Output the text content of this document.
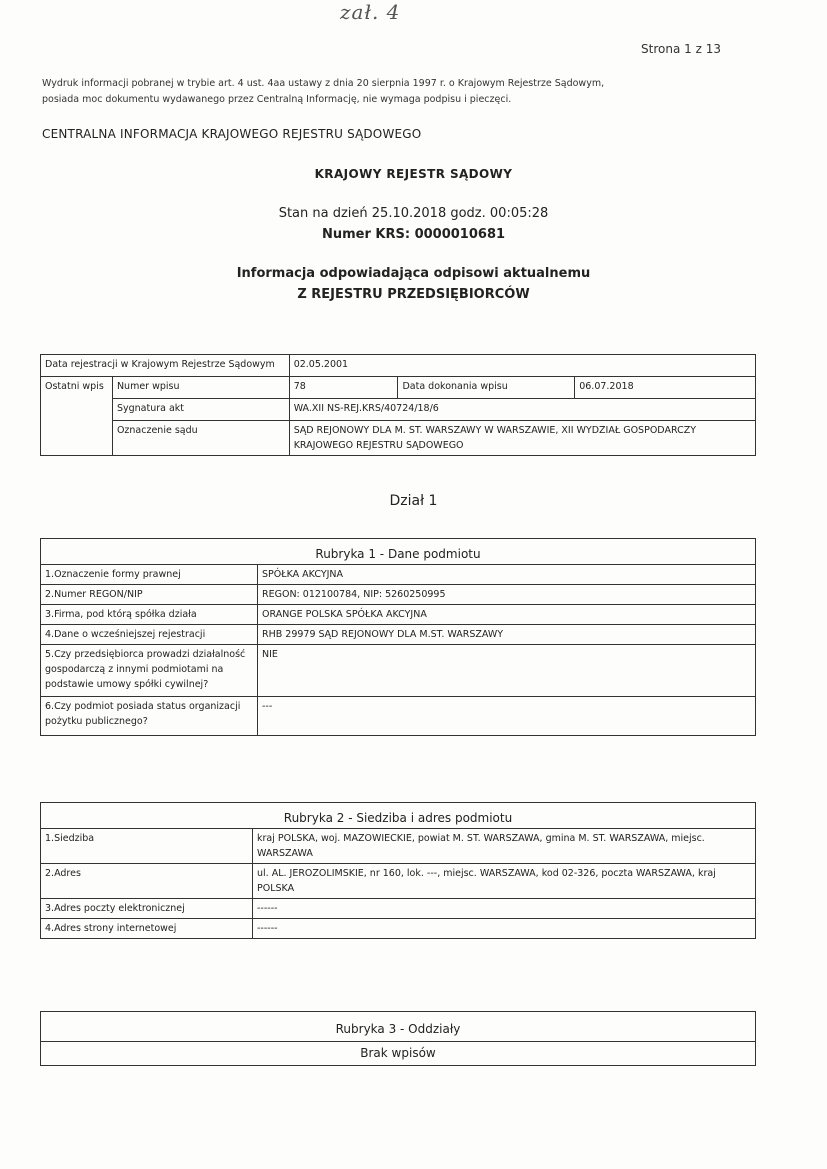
zał. 4
Strona 1 z 13
Wydruk informacji pobranej w trybie art. 4 ust. 4aa ustawy z dnia 20 sierpnia 1997 r. o Krajowym Rejestrze Sądowym,
posiada moc dokumentu wydawanego przez Centralną Informację, nie wymaga podpisu i pieczęci.
CENTRALNA INFORMACJA KRAJOWEGO REJESTRU SĄDOWEGO
KRAJOWY REJESTR SĄDOWY
Stan na dzień 25.10.2018 godz. 00:05:28
Numer KRS: 0000010681
Informacja odpowiadająca odpisowi aktualnemu
Z REJESTRU PRZEDSIĘBIORCÓW
Data rejestracji w Krajowym Rejestrze Sądowym		02.05.2001		
Ostatni wpis	Numer wpisu	78	Data dokonania wpisu	06.07.2018
	Sygnatura akt	WA.XII NS-REJ.KRS/40724/18/6		
	Oznaczenie sądu	SĄD REJONOWY DLA M. ST. WARSZAWY W WARSZAWIE, XII WYDZIAŁ GOSPODARCZY
KRAJOWEGO REJESTRU SĄDOWEGO		
Dział 1
Rubryka 1 - Dane podmiotu	
1.Oznaczenie formy prawnej	SPÓŁKA AKCYJNA
2.Numer REGON/NIP	REGON: 012100784, NIP: 5260250995
3.Firma, pod którą spółka działa	ORANGE POLSKA SPÓŁKA AKCYJNA
4.Dane o wcześniejszej rejestracji	RHB 29979 SĄD REJONOWY DLA M.ST. WARSZAWY

5.Czy przedsiębiorca prowadzi działalność
gospodarczą z innymi podmiotami na
podstawie umowy spółki cywilnej?	NIE

6.Czy podmiot posiada status organizacji
pożytku publicznego?	---
Rubryka 2 - Siedziba i adres podmiotu	
1.Siedziba	kraj POLSKA, woj. MAZOWIECKIE, powiat M. ST. WARSZAWA, gmina M. ST. WARSZAWA, miejsc.
WARSZAWA

2.Adres	ul. AL. JEROZOLIMSKIE, nr 160, lok. ---, miejsc. WARSZAWA, kod 02-326, poczta WARSZAWA, kraj
POLSKA

3.Adres poczty elektronicznej	------
4.Adres strony internetowej	------
Rubryka 3 - Oddziały
Brak wpisów
